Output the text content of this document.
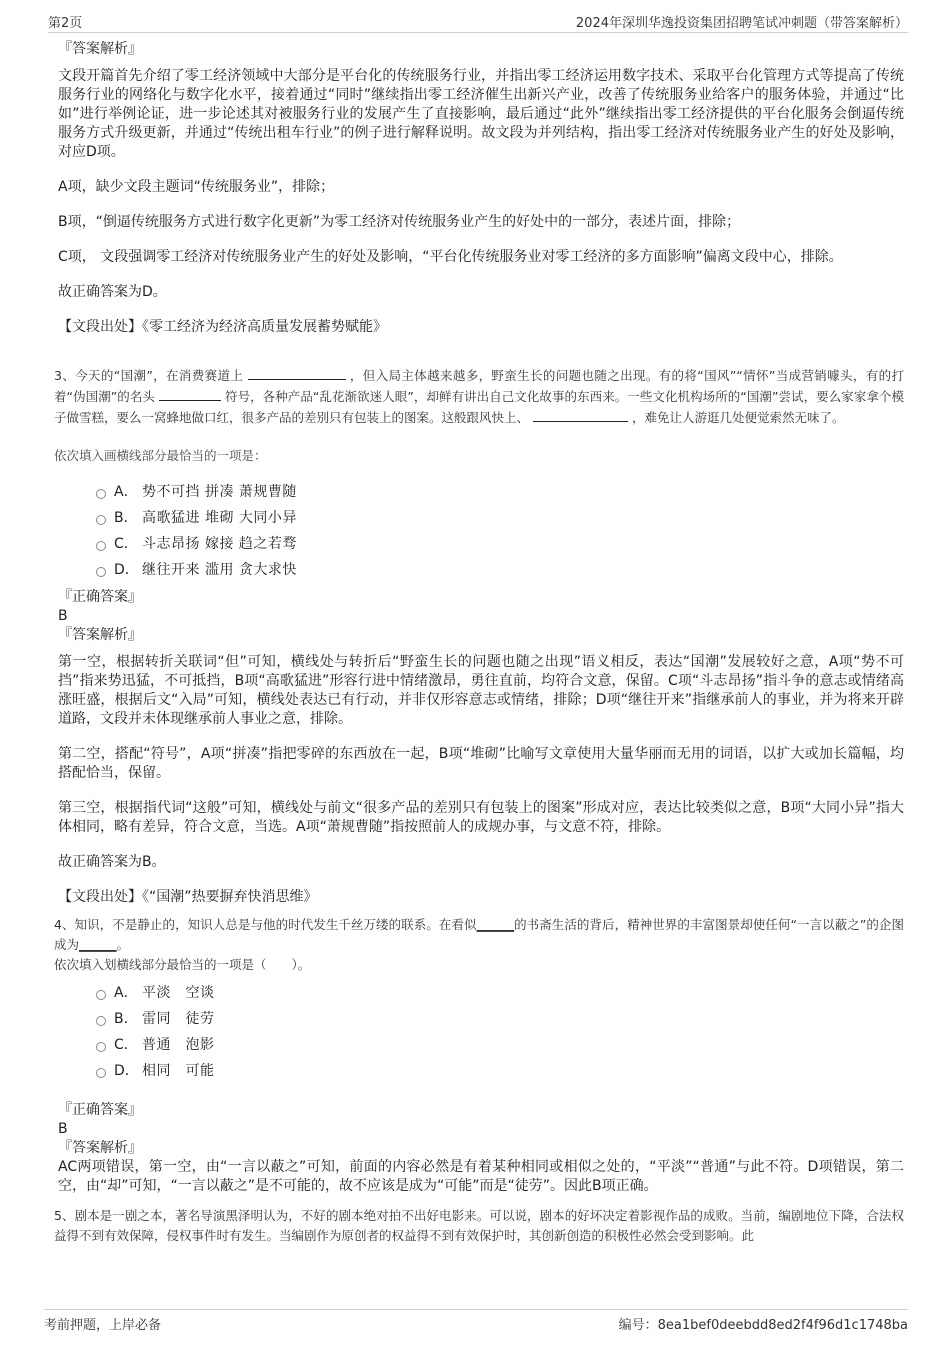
第2页	2024年深圳华逸投资集团招聘笔试冲刺题（带答案解析）
『答案解析』
文段开篇首先介绍了零工经济领域中大部分是平台化的传统服务行业，并指出零工经济运用数字技术、采取平台化管理方式等提高了传统服务行业的网络化与数字化水平，接着通过“同时”继续指出零工经济催生出新兴产业，改善了传统服务业给客户的服务体验，并通过“比如”进行举例论证，进一步论述其对被服务行业的发展产生了直接影响，最后通过“此外”继续指出零工经济提供的平台化服务会倒逼传统服务方式升级更新，并通过“传统出租车行业”的例子进行解释说明。故文段为并列结构，指出零工经济对传统服务业产生的好处及影响，对应D项。
A项，缺少文段主题词“传统服务业”，排除；
B项，“倒逼传统服务方式进行数字化更新”为零工经济对传统服务业产生的好处中的一部分，表述片面，排除；
C项， 文段强调零工经济对传统服务业产生的好处及影响，“平台化传统服务业对零工经济的多方面影响”偏离文段中心，排除。
故正确答案为D。
【文段出处】《零工经济为经济高质量发展蓄势赋能》
3、今天的“国潮”，在消费赛道上	，但入局主体越来越多，野蛮生长的问题也随之出现。有的将“国风”“情怀”当成营销噱头，有的打着“伪国潮”的名头	符号，各种产品“乱花渐欲迷人眼”，却鲜有讲出自己文化故事的东西来。一些文化机构场所的“国潮”尝试，要么家家拿个模子做雪糕，要么一窝蜂地做口红，很多产品的差别只有包装上的图案。这般跟风快上、	，难免让人游逛几处便觉索然无味了。
依次填入画横线部分最恰当的一项是：
A． 势不可挡 拼凑 萧规曹随
B． 高歌猛进 堆砌 大同小异
C． 斗志昂扬 嫁接 趋之若骛
D． 继往开来 滥用 贪大求快
『正确答案』
B
『答案解析』
第一空，根据转折关联词“但”可知，横线处与转折后“野蛮生长的问题也随之出现”语义相反，表达“国潮”发展较好之意，A项“势不可挡”指来势迅猛，不可抵挡，B项“高歌猛进”形容行进中情绪激昂，勇往直前，均符合文意，保留。C项“斗志昂扬”指斗争的意志或情绪高涨旺盛，根据后文“入局”可知，横线处表达已有行动，并非仅形容意志或情绪，排除；D项“继往开来”指继承前人的事业，并为将来开辟道路，文段并未体现继承前人事业之意，排除。
第二空，搭配“符号”，A项“拼凑”指把零碎的东西放在一起，B项“堆砌”比喻写文章使用大量华丽而无用的词语，以扩大或加长篇幅，均搭配恰当，保留。
第三空，根据指代词“这般”可知，横线处与前文“很多产品的差别只有包装上的图案”形成对应，表达比较类似之意，B项“大同小异”指大体相同，略有差异，符合文意，当选。A项“萧规曹随”指按照前人的成规办事，与文意不符，排除。
故正确答案为B。
【文段出处】《“国潮”热要摒弃快消思维》
4、知识，不是静止的，知识人总是与他的时代发生千丝万缕的联系。在看似______的书斋生活的背后，精神世界的丰富图景却使任何“一言以蔽之”的企图成为______。
依次填入划横线部分最恰当的一项是（　　）。
A． 平淡　空谈
B． 雷同　徒劳
C． 普通　泡影
D． 相同　可能
『正确答案』
B
『答案解析』
AC两项错误，第一空，由“一言以蔽之”可知，前面的内容必然是有着某种相同或相似之处的，“平淡”“普通”与此不符。D项错误，第二空，由“却”可知，“一言以蔽之”是不可能的，故不应该是成为“可能”而是“徒劳”。因此B项正确。
5、剧本是一剧之本，著名导演黑泽明认为，不好的剧本绝对拍不出好电影来。可以说，剧本的好坏决定着影视作品的成败。当前，编剧地位下降，合法权益得不到有效保障，侵权事件时有发生。当编剧作为原创者的权益得不到有效保护时，其创新创造的积极性必然会受到影响。此
考前押题，上岸必备	编号：8ea1bef0deebdd8ed2f4f96d1c1748ba
